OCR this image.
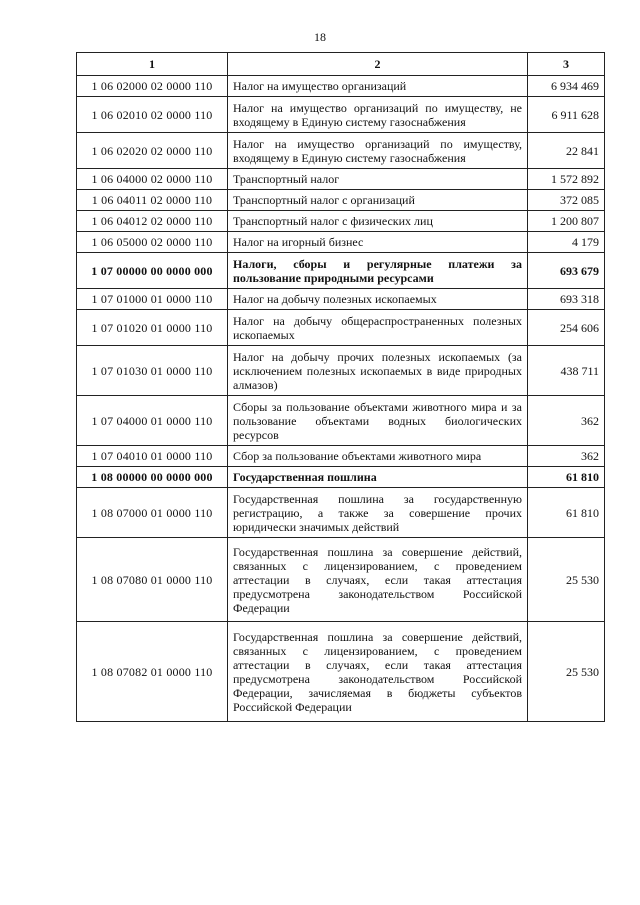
18
1	2	3
1 06 02000 02 0000 110	Налог на имущество организаций	6 934 469
1 06 02010 02 0000 110	Налог на имущество организаций по имуществу, не входящему в Единую систему газоснабжения	6 911 628
1 06 02020 02 0000 110	Налог на имущество организаций по имуществу, входящему в Единую систему газоснабжения	22 841
1 06 04000 02 0000 110	Транспортный налог	1 572 892
1 06 04011 02 0000 110	Транспортный налог с организаций	372 085
1 06 04012 02 0000 110	Транспортный налог с физических лиц	1 200 807
1 06 05000 02 0000 110	Налог на игорный бизнес	4 179
1 07 00000 00 0000 000	Налоги, сборы и регулярные платежи за пользование природными ресурсами	693 679
1 07 01000 01 0000 110	Налог на добычу полезных ископаемых	693 318
1 07 01020 01 0000 110	Налог на добычу общераспространенных полезных ископаемых	254 606
1 07 01030 01 0000 110	Налог на добычу прочих полезных ископаемых (за исключением полезных ископаемых в виде природных алмазов)	438 711
1 07 04000 01 0000 110	Сборы за пользование объектами животного мира и за пользование объектами водных биологических ресурсов	362
1 07 04010 01 0000 110	Сбор за пользование объектами животного мира	362
1 08 00000 00 0000 000	Государственная пошлина	61 810
1 08 07000 01 0000 110	Государственная пошлина за государственную регистрацию, а также за совершение прочих юридически значимых действий	61 810
1 08 07080 01 0000 110	Государственная пошлина за совершение действий, связанных с лицензированием, с проведением аттестации в случаях, если такая аттестация предусмотрена законодательством Российской Федерации	25 530
1 08 07082 01 0000 110	Государственная пошлина за совершение действий, связанных с лицензированием, с проведением аттестации в случаях, если такая аттестация предусмотрена законодательством Российской Федерации, зачисляемая в бюджеты субъектов Российской Федерации	25 530
